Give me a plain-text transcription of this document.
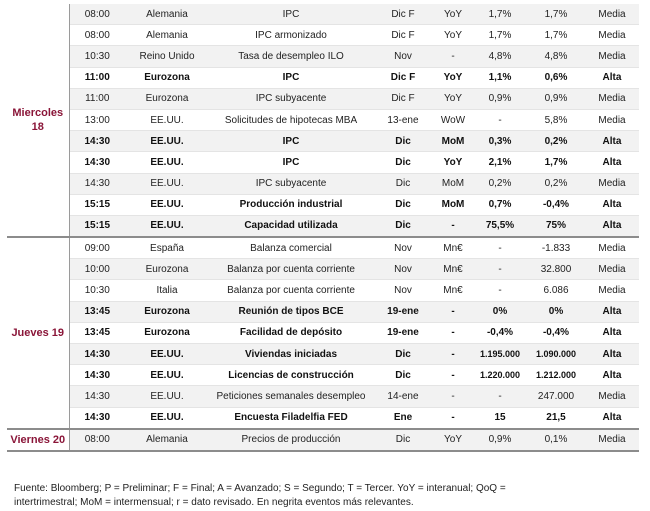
Miercoles 18	08:00	Alemania	IPC	Dic F	YoY	1,7%	1,7%	Media
	08:00	Alemania	IPC armonizado	Dic F	YoY	1,7%	1,7%	Media
	10:30	Reino Unido	Tasa de desempleo ILO	Nov	-	4,8%	4,8%	Media
	11:00	Eurozona	IPC	Dic F	YoY	1,1%	0,6%	Alta
	11:00	Eurozona	IPC subyacente	Dic F	YoY	0,9%	0,9%	Media
	13:00	EE.UU.	Solicitudes de hipotecas MBA	13-ene	WoW	-	5,8%	Media
	14:30	EE.UU.	IPC	Dic	MoM	0,3%	0,2%	Alta
	14:30	EE.UU.	IPC	Dic	YoY	2,1%	1,7%	Alta
	14:30	EE.UU.	IPC subyacente	Dic	MoM	0,2%	0,2%	Media
	15:15	EE.UU.	Producción industrial	Dic	MoM	0,7%	-0,4%	Alta
	15:15	EE.UU.	Capacidad utilizada	Dic	-	75,5%	75%	Alta
Jueves 19	09:00	España	Balanza comercial	Nov	Mn€	-	-1.833	Media
	10:00	Eurozona	Balanza por cuenta corriente	Nov	Mn€	-	32.800	Media
	10:30	Italia	Balanza por cuenta corriente	Nov	Mn€	-	6.086	Media
	13:45	Eurozona	Reunión de tipos BCE	19-ene	-	0%	0%	Alta
	13:45	Eurozona	Facilidad de depósito	19-ene	-	-0,4%	-0,4%	Alta
	14:30	EE.UU.	Viviendas iniciadas	Dic	-	1.195.000	1.090.000	Alta
	14:30	EE.UU.	Licencias de construcción	Dic	-	1.220.000	1.212.000	Alta
	14:30	EE.UU.	Peticiones semanales desempleo	14-ene	-	-	247.000	Media
	14:30	EE.UU.	Encuesta Filadelfia FED	Ene	-	15	21,5	Alta
Viernes 20	08:00	Alemania	Precios de producción	Dic	YoY	0,9%	0,1%	Media

Fuente: Bloomberg; P = Preliminar; F = Final; A = Avanzado; S = Segundo; T = Tercer. YoY = interanual; QoQ =
intertrimestral; MoM = intermensual; r = dato revisado. En negrita eventos más relevantes.
